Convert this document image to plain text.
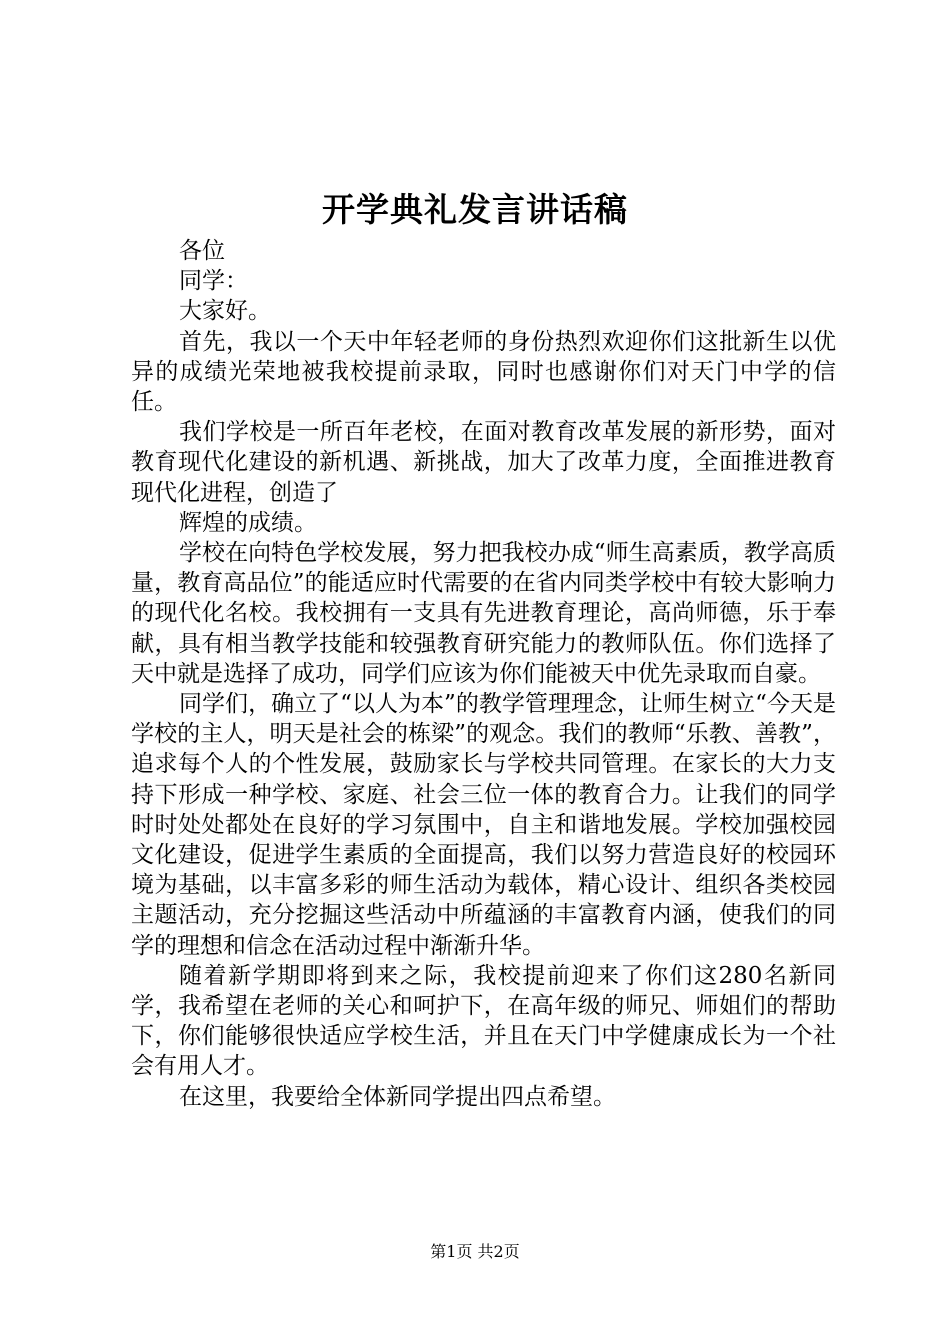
开学典礼发言讲话稿

各位

同学：

大家好。

首先，我以一个天中年轻老师的身份热烈欢迎你们这批新生以优异的成绩光荣地被我校提前录取，同时也感谢你们对天门中学的信任。

我们学校是一所百年老校，在面对教育改革发展的新形势，面对教育现代化建设的新机遇、新挑战，加大了改革力度，全面推进教育现代化进程，创造了

辉煌的成绩。

学校在向特色学校发展，努力把我校办成“师生高素质，教学高质量，教育高品位”的能适应时代需要的在省内同类学校中有较大影响力的现代化名校。我校拥有一支具有先进教育理论，高尚师德，乐于奉献，具有相当教学技能和较强教育研究能力的教师队伍。你们选择了天中就是选择了成功，同学们应该为你们能被天中优先录取而自豪。

同学们，确立了“以人为本”的教学管理理念，让师生树立“今天是学校的主人，明天是社会的栋梁”的观念。我们的教师“乐教、善教”，追求每个人的个性发展，鼓励家长与学校共同管理。在家长的大力支持下形成一种学校、家庭、社会三位一体的教育合力。让我们的同学时时处处都处在良好的学习氛围中，自主和谐地发展。学校加强校园文化建设，促进学生素质的全面提高，我们以努力营造良好的校园环境为基础，以丰富多彩的师生活动为载体，精心设计、组织各类校园主题活动，充分挖掘这些活动中所蕴涵的丰富教育内涵，使我们的同学的理想和信念在活动过程中渐渐升华。

随着新学期即将到来之际，我校提前迎来了你们这280名新同学，我希望在老师的关心和呵护下，在高年级的师兄、师姐们的帮助下，你们能够很快适应学校生活，并且在天门中学健康成长为一个社会有用人才。

在这里，我要给全体新同学提出四点希望。

第1页 共2页
